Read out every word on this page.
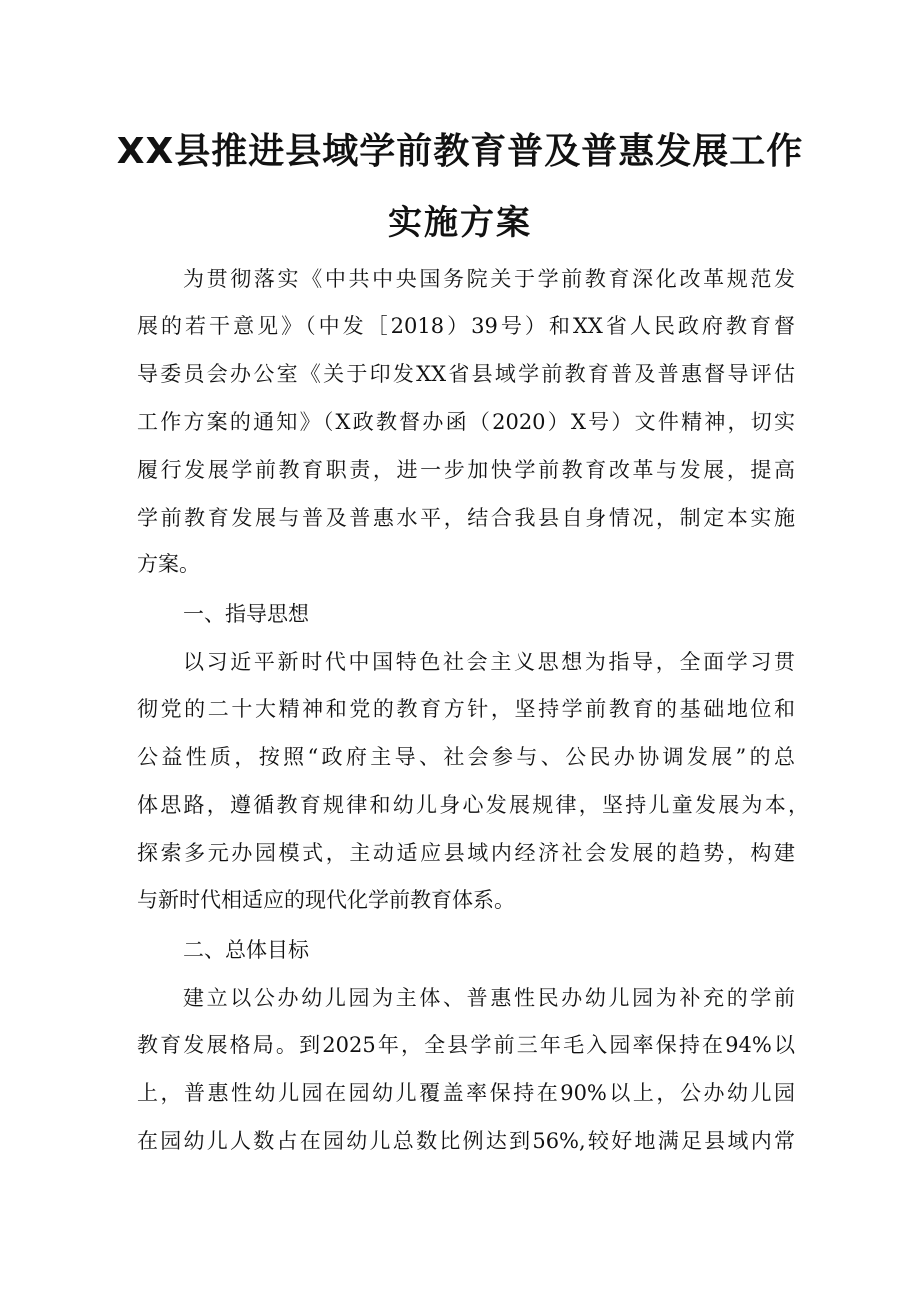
XX县推进县域学前教育普及普惠发展工作
实施方案

为贯彻落实《中共中央国务院关于学前教育深化改革规范发

展的若干意见》（中发［2018）39号）和XX省人民政府教育督

导委员会办公室《关于印发XX省县域学前教育普及普惠督导评估

工作方案的通知》（X政教督办函（2020）X号）文件精神，切实

履行发展学前教育职责，进一步加快学前教育改革与发展，提高

学前教育发展与普及普惠水平，结合我县自身情况，制定本实施

方案。

一、指导思想

以习近平新时代中国特色社会主义思想为指导，全面学习贯

彻党的二十大精神和党的教育方针，坚持学前教育的基础地位和

公益性质，按照“政府主导、社会参与、公民办协调发展”的总

体思路，遵循教育规律和幼儿身心发展规律，坚持儿童发展为本，

探索多元办园模式，主动适应县域内经济社会发展的趋势，构建

与新时代相适应的现代化学前教育体系。

二、总体目标

建立以公办幼儿园为主体、普惠性民办幼儿园为补充的学前

教育发展格局。到2025年，全县学前三年毛入园率保持在94%以

上，普惠性幼儿园在园幼儿覆盖率保持在90%以上，公办幼儿园

在园幼儿人数占在园幼儿总数比例达到56%,较好地满足县域内常
